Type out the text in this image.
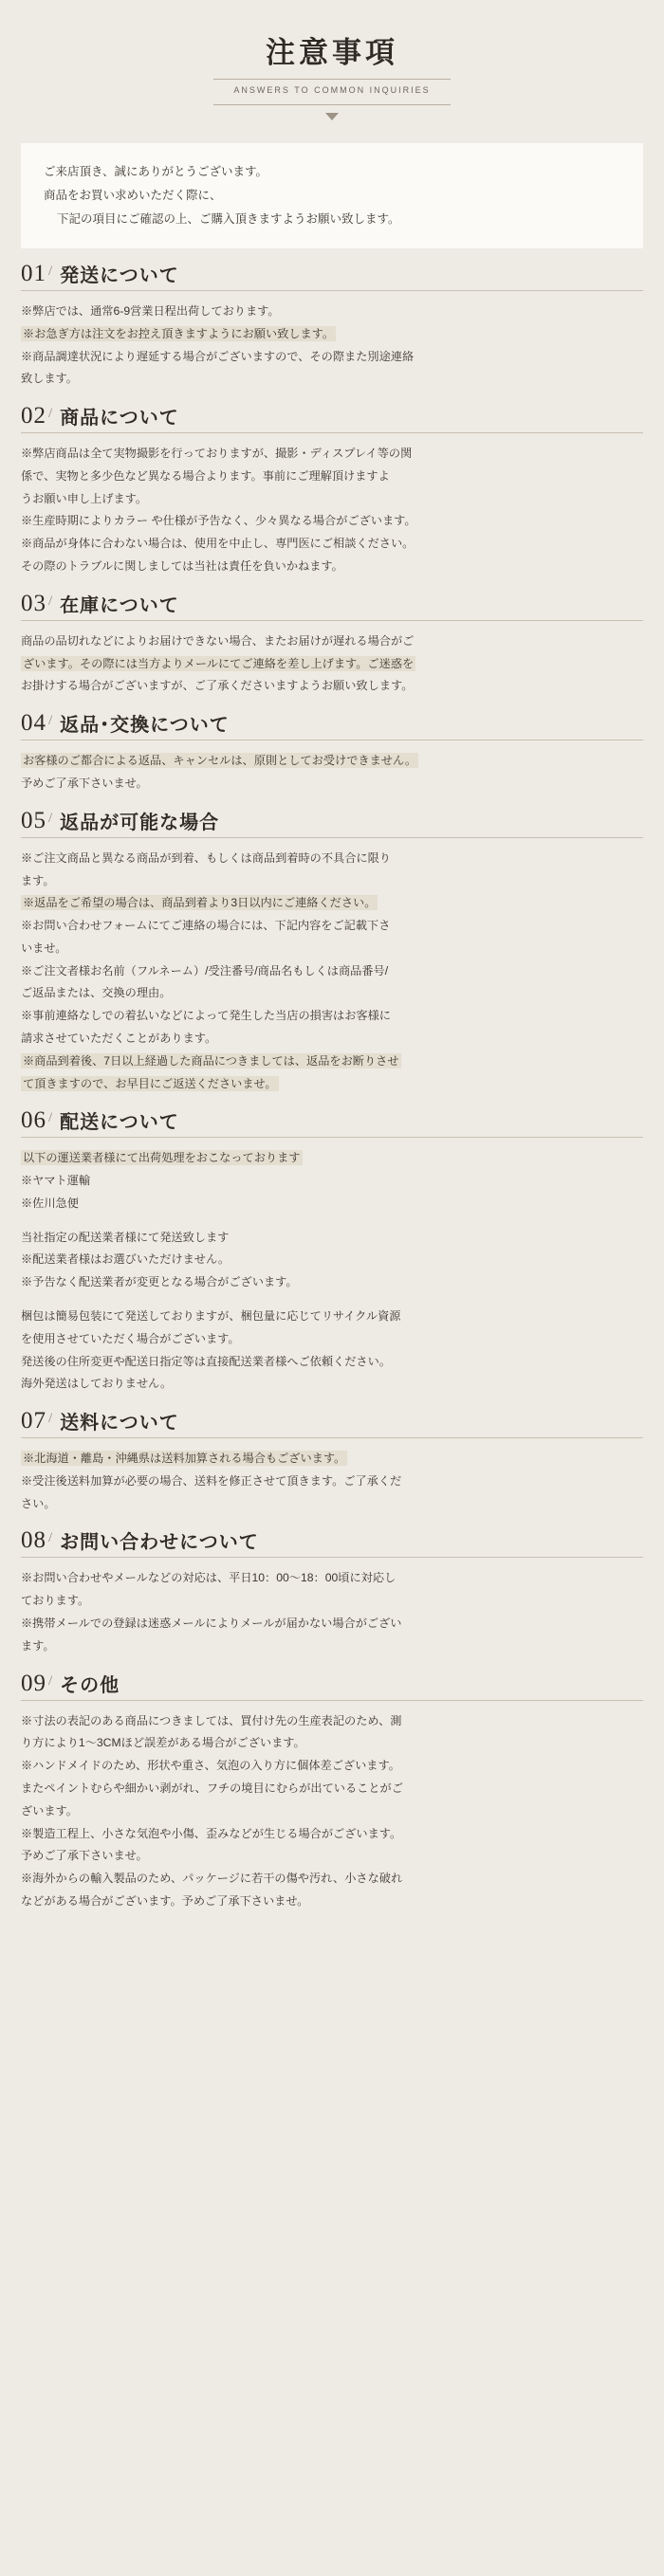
注意事項
ANSWERS TO COMMON INQUIRIES

ご来店頂き、誠にありがとうございます。

商品をお買い求めいただく際に、

下記の項目にご確認の上、ご購入頂きますようお願い致します。

01 / 発送について

※弊店では、通常6-9営業日程出荷しております。

※お急ぎ方は注文をお控え頂きますようにお願い致します。

※商品調達状況により遅延する場合がございますので、その際また別途連絡

致します。

02 / 商品について

※弊店商品は全て実物撮影を行っておりますが、撮影・ディスプレイ等の関

係で、実物と多少色など異なる場合よります。事前にご理解頂けますよ

うお願い申し上げます。

※生産時期によりカラー や仕様が予告なく、少々異なる場合がございます。

※商品が身体に合わない場合は、使用を中止し、専門医にご相談ください。

その際のトラブルに関しましては当社は責任を負いかねます。

03 / 在庫について

商品の品切れなどによりお届けできない場合、またお届けが遅れる場合がご

ざいます。その際には当方よりメールにてご連絡を差し上げます。ご迷惑を

お掛けする場合がございますが、ご了承くださいますようお願い致します。

04 / 返品･交換について

お客様のご都合による返品、キャンセルは、原則としてお受けできません。

予めご了承下さいませ。

05 / 返品が可能な場合

※ご注文商品と異なる商品が到着、もしくは商品到着時の不具合に限り

ます。

※返品をご希望の場合は、商品到着より3日以内にご連絡ください。

※お問い合わせフォームにてご連絡の場合には、下記内容をご記載下さ

いませ。

※ご注文者様お名前（フルネーム）/受注番号/商品名もしくは商品番号/

ご返品または、交換の理由。

※事前連絡なしでの着払いなどによって発生した当店の損害はお客様に

請求させていただくことがあります。

※商品到着後、7日以上経過した商品につきましては、返品をお断りさせ

て頂きますので、お早目にご返送くださいませ。

06 / 配送について

以下の運送業者様にて出荷処理をおこなっております

※ヤマト運輸

※佐川急便

当社指定の配送業者様にて発送致します

※配送業者様はお選びいただけません。

※予告なく配送業者が変更となる場合がございます。

梱包は簡易包装にて発送しておりますが、梱包量に応じてリサイクル資源

を使用させていただく場合がございます。

発送後の住所変更や配送日指定等は直接配送業者様へご依頼ください。

海外発送はしておりません。

07 / 送料について

※北海道・離島・沖縄県は送料加算される場合もございます。

※受注後送料加算が必要の場合、送料を修正させて頂きます。ご了承くだ

さい。

08 / お問い合わせについて

※お問い合わせやメールなどの対応は、平日10：00～18：00頃に対応し

ております。

※携帯メールでの登録は迷惑メールによりメールが届かない場合がござい

ます。

09 / その他

※寸法の表記のある商品につきましては、買付け先の生産表記のため、測

り方により1～3CMほど誤差がある場合がございます。

※ハンドメイドのため、形状や重さ、気泡の入り方に個体差ございます。

またペイントむらや細かい剥がれ、フチの境目にむらが出ていることがご

ざいます。

※製造工程上、小さな気泡や小傷、歪みなどが生じる場合がございます。

予めご了承下さいませ。

※海外からの輸入製品のため、パッケージに若干の傷や汚れ、小さな破れ

などがある場合がございます。予めご了承下さいませ。
